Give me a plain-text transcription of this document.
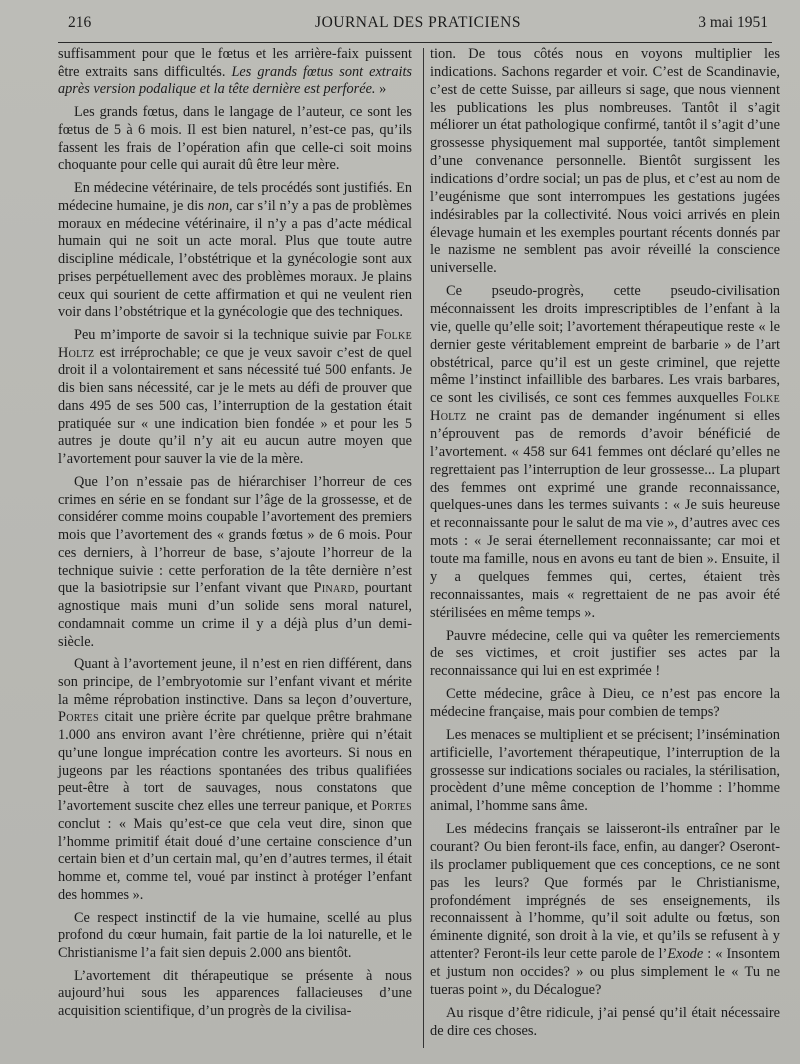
216	JOURNAL DES PRATICIENS	3 mai 1951

suffisamment pour que le fœtus et les arrière-faix puissent être extraits sans difficultés. Les grands fœtus sont extraits après version podalique et la tête dernière est perforée. »

Les grands fœtus, dans le langage de l’auteur, ce sont les fœtus de 5 à 6 mois. Il est bien naturel, n’est-ce pas, qu’ils fassent les frais de l’opération afin que celle-ci soit moins choquante pour celle qui aurait dû être leur mère.

En médecine vétérinaire, de tels procédés sont justifiés. En médecine humaine, je dis non, car s’il n’y a pas de problèmes moraux en médecine vétérinaire, il n’y a pas d’acte médical humain qui ne soit un acte moral. Plus que toute autre discipline médicale, l’obstétrique et la gynécologie sont aux prises perpétuellement avec des problèmes moraux. Je plains ceux qui sourient de cette affirmation et qui ne veulent rien voir dans l’obstétrique et la gynécologie que des techniques.

Peu m’importe de savoir si la technique suivie par Folke Holtz est irréprochable; ce que je veux savoir c’est de quel droit il a volontairement et sans nécessité tué 500 enfants. Je dis bien sans nécessité, car je le mets au défi de prouver que dans 495 de ses 500 cas, l’interruption de la gestation était pratiquée sur « une indication bien fondée » et pour les 5 autres je doute qu’il n’y ait eu aucun autre moyen que l’avortement pour sauver la vie de la mère.

Que l’on n’essaie pas de hiérarchiser l’horreur de ces crimes en série en se fondant sur l’âge de la grossesse, et de considérer comme moins coupable l’avortement des premiers mois que l’avortement des « grands fœtus » de 6 mois. Pour ces derniers, à l’horreur de base, s’ajoute l’horreur de la technique suivie : cette perforation de la tête dernière n’est que la basiotripsie sur l’enfant vivant que Pinard, pourtant agnostique mais muni d’un solide sens moral naturel, condamnait comme un crime il y a déjà plus d’un demi-siècle.

Quant à l’avortement jeune, il n’est en rien différent, dans son principe, de l’embryotomie sur l’enfant vivant et mérite la même réprobation instinctive. Dans sa leçon d’ouverture, Portes citait une prière écrite par quelque prêtre brahmane 1.000 ans environ avant l’ère chrétienne, prière qui n’était qu’une longue imprécation contre les avorteurs. Si nous en jugeons par les réactions spontanées des tribus qualifiées peut-être à tort de sauvages, nous constatons que l’avortement suscite chez elles une terreur panique, et Portes conclut : « Mais qu’est-ce que cela veut dire, sinon que l’homme primitif était doué d’une certaine conscience d’un certain bien et d’un certain mal, qu’en d’autres termes, il était homme et, comme tel, voué par instinct à protéger l’enfant des hommes ».

Ce respect instinctif de la vie humaine, scellé au plus profond du cœur humain, fait partie de la loi naturelle, et le Christianisme l’a fait sien depuis 2.000 ans bientôt.

L’avortement dit thérapeutique se présente à nous aujourd’hui sous les apparences fallacieuses d’une acquisition scientifique, d’un progrès de la civilisa-

tion. De tous côtés nous en voyons multiplier les indications. Sachons regarder et voir. C’est de Scandinavie, c’est de cette Suisse, par ailleurs si sage, que nous viennent les publications les plus nombreuses. Tantôt il s’agit méliorer un état pathologique confirmé, tantôt il s’agit d’une grossesse physiquement mal supportée, tantôt simplement d’une convenance personnelle. Bientôt surgissent les indications d’ordre social; un pas de plus, et c’est au nom de l’eugénisme que sont interrompues les gestations jugées indésirables par la collectivité. Nous voici arrivés en plein élevage humain et les exemples pourtant récents donnés par le nazisme ne semblent pas avoir réveillé la conscience universelle.

Ce pseudo-progrès, cette pseudo-civilisation méconnaissent les droits imprescriptibles de l’enfant à la vie, quelle qu’elle soit; l’avortement thérapeutique reste « le dernier geste véritablement empreint de barbarie » de l’art obstétrical, parce qu’il est un geste criminel, que rejette même l’instinct infaillible des barbares. Les vrais barbares, ce sont les civilisés, ce sont ces femmes auxquelles Folke Holtz ne craint pas de demander ingénument si elles n’éprouvent pas de remords d’avoir bénéficié de l’avortement. « 458 sur 641 femmes ont déclaré qu’elles ne regrettaient pas l’interruption de leur grossesse... La plupart des femmes ont exprimé une grande reconnaissance, quelques-unes dans les termes suivants : « Je suis heureuse et reconnaissante pour le salut de ma vie », d’autres avec ces mots : « Je serai éternellement reconnaissante; car moi et toute ma famille, nous en avons eu tant de bien ». Ensuite, il y a quelques femmes qui, certes, étaient très reconnaissantes, mais « regrettaient de ne pas avoir été stérilisées en même temps ».

Pauvre médecine, celle qui va quêter les remerciements de ses victimes, et croit justifier ses actes par la reconnaissance qui lui en est exprimée !

Cette médecine, grâce à Dieu, ce n’est pas encore la médecine française, mais pour combien de temps?

Les menaces se multiplient et se précisent; l’insémination artificielle, l’avortement thérapeutique, l’interruption de la grossesse sur indications sociales ou raciales, la stérilisation, procèdent d’une même conception de l’homme : l’homme animal, l’homme sans âme.

Les médecins français se laisseront-ils entraîner par le courant? Ou bien feront-ils face, enfin, au danger? Oseront-ils proclamer publiquement que ces conceptions, ce ne sont pas les leurs? Que formés par le Christianisme, profondément imprégnés de ses enseignements, ils reconnaissent à l’homme, qu’il soit adulte ou fœtus, son éminente dignité, son droit à la vie, et qu’ils se refusent à y attenter? Feront-ils leur cette parole de l’Exode : « Insontem et justum non occides? » ou plus simplement le « Tu ne tueras point », du Décalogue?

Au risque d’être ridicule, j’ai pensé qu’il était nécessaire de dire ces choses.
